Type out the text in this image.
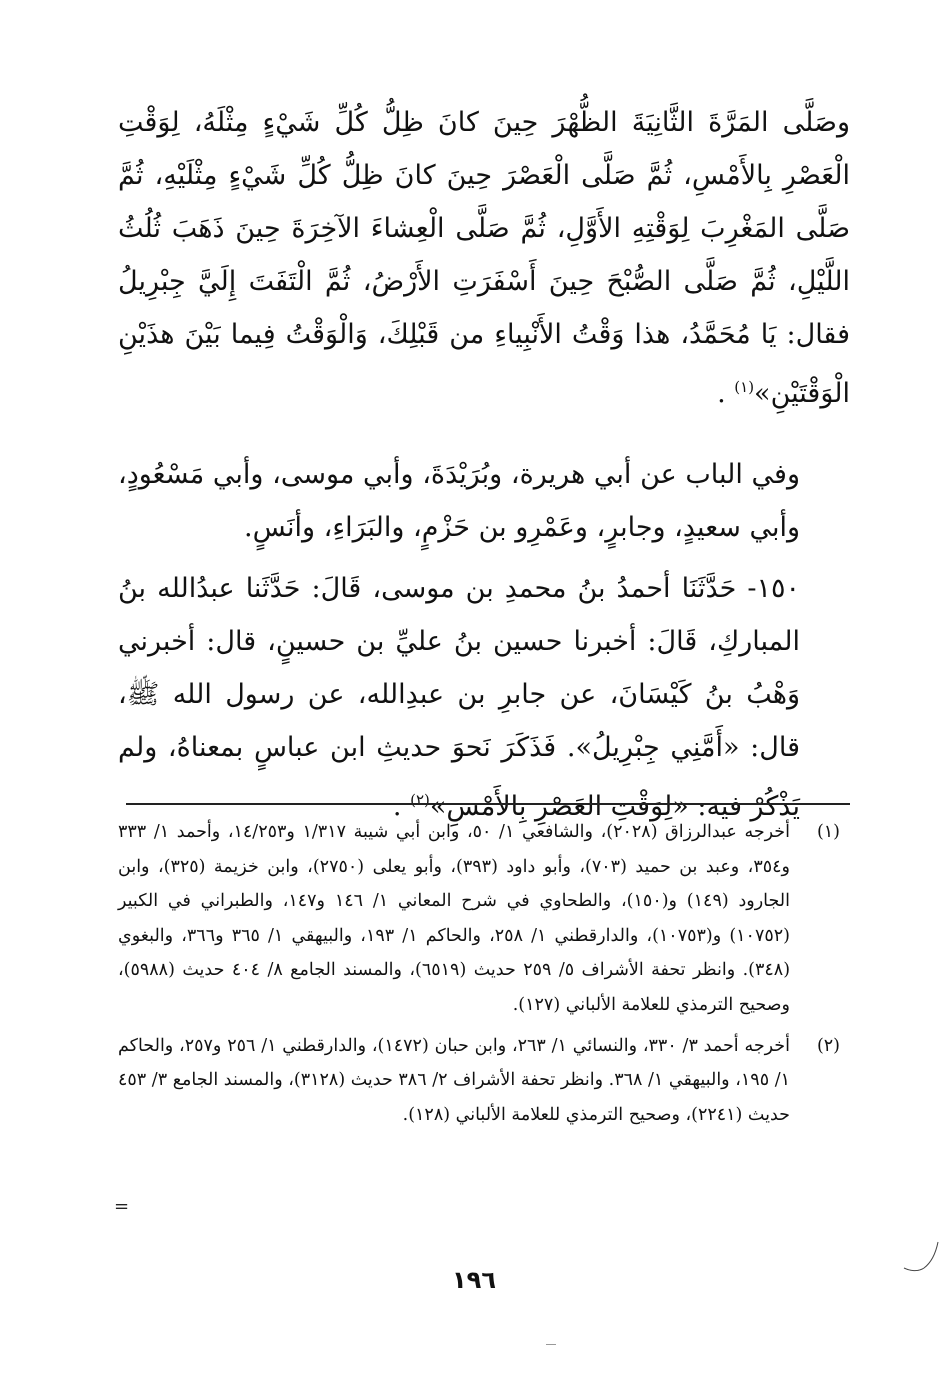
وصَلَّى المَرَّةَ الثَّانِيَةَ الظُّهْرَ حِينَ كانَ ظِلُّ كُلِّ شَيْءٍ مِثْلَهُ، لِوَقْتِ الْعَصْرِ بِالأَمْسِ، ثُمَّ صَلَّى الْعَصْرَ حِينَ كانَ ظِلُّ كُلِّ شَيْءٍ مِثْلَيْهِ، ثُمَّ صَلَّى المَغْرِبَ لِوَقْتِهِ الأَوَّلِ، ثُمَّ صَلَّى الْعِشاءَ الآخِرَةَ حِينَ ذَهَبَ ثُلُثُ اللَّيْلِ، ثُمَّ صَلَّى الصُّبْحَ حِينَ أَسْفَرَتِ الأَرْضُ، ثُمَّ الْتَفَتَ إِلَيَّ جِبْرِيلُ فقال: يَا مُحَمَّدُ، هذا وَقْتُ الأَنْبِياءِ من قَبْلِكَ، وَالْوَقْتُ فِيما بَيْنَ هذَيْنِ الْوَقْتَيْنِ»$^{(١)}$ .

وفي الباب عن أبي هريرة، وبُرَيْدَةَ، وأبي موسى، وأبي مَسْعُودٍ، وأبي سعيدٍ، وجابرٍ، وعَمْرِو بن حَزْمٍ، والبَرَاءِ، وأنَسٍ.

١٥٠- حَدَّثَنَا أحمدُ بنُ محمدِ بن موسى، قَالَ: حَدَّثَنا عبدُالله بنُ المباركِ، قَالَ: أخبرنا حسين بنُ عليِّ بن حسينٍ، قال: أخبرني وَهْبُ بنُ كَيْسَانَ، عن جابرِ بن عبدِالله، عن رسول الله ﷺ، قال: «أَمَّنِي جِبْرِيلُ». فَذَكَرَ نَحوَ حديثِ ابن عباسٍ بمعناهُ، ولم يَذْكُرْ فيه: «لِوَقْتِ العَصْرِ بِالأَمْسِ»$^{(٢)}$ .

(١)
أخرجه عبدالرزاق (٢٠٢٨)، والشافعي ١/ ٥٠، وابن أبي شيبة ١/٣١٧ و١٤/٢٥٣، وأحمد ١/ ٣٣٣ و٣٥٤، وعبد بن حميد (٧٠٣)، وأبو داود (٣٩٣)، وأبو يعلى (٢٧٥٠)، وابن خزيمة (٣٢٥)، وابن الجارود (١٤٩) و(١٥٠)، والطحاوي في شرح المعاني ١/ ١٤٦ و١٤٧، والطبراني في الكبير (١٠٧٥٢) و(١٠٧٥٣)، والدارقطني ١/ ٢٥٨، والحاكم ١/ ١٩٣، والبيهقي ١/ ٣٦٥ و٣٦٦، والبغوي (٣٤٨). وانظر تحفة الأشراف ٥/ ٢٥٩ حديث (٦٥١٩)، والمسند الجامع ٨/ ٤٠٤ حديث (٥٩٨٨)، وصحيح الترمذي للعلامة الألباني (١٢٧).
(٢)
أخرجه أحمد ٣/ ٣٣٠، والنسائي ١/ ٢٦٣، وابن حبان (١٤٧٢)، والدارقطني ١/ ٢٥٦ و٢٥٧، والحاكم ١/ ١٩٥، والبيهقي ١/ ٣٦٨. وانظر تحفة الأشراف ٢/ ٣٨٦ حديث (٣١٢٨)، والمسند الجامع ٣/ ٤٥٣ حديث (٢٢٤١)، وصحيح الترمذي للعلامة الألباني (١٢٨).
=
١٩٦
